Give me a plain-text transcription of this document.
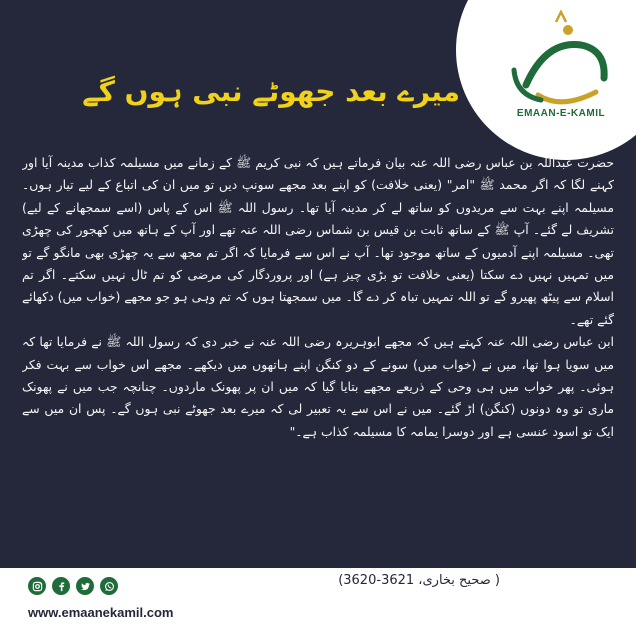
EMAAN-E-KAMIL
میرے بعد جھوٹے نبی ہوں گے

حضرت عبداللہ بن عباس رضی اللہ عنہ بیان فرماتے ہیں کہ نبی کریم ﷺ کے زمانے میں مسیلمہ کذاب مدینہ آیا اور کہنے لگا کہ اگر محمد ﷺ "امر" (یعنی خلافت) کو اپنے بعد مجھے سونپ دیں تو میں ان کی اتباع کے لیے تیار ہوں۔ مسیلمہ اپنے بہت سے مریدوں کو ساتھ لے کر مدینہ آیا تھا۔ رسول اللہ ﷺ اس کے پاس (اسے سمجھانے کے لیے) تشریف لے گئے۔ آپ ﷺ کے ساتھ ثابت بن قیس بن شماس رضی اللہ عنہ تھے اور آپ کے ہاتھ میں کھجور کی چھڑی تھی۔ مسیلمہ اپنے آدمیوں کے ساتھ موجود تھا۔ آپ نے اس سے فرمایا کہ اگر تم مجھ سے یہ چھڑی بھی مانگو گے تو میں تمہیں نہیں دے سکتا (یعنی خلافت تو بڑی چیز ہے) اور پروردگار کی مرضی کو تم ٹال نہیں سکتے۔ اگر تم اسلام سے پیٹھ پھیرو گے تو اللہ تمہیں تباہ کر دے گا۔ میں سمجھتا ہوں کہ تم وہی ہو جو مجھے (خواب میں) دکھائے گئے تھے۔

ابن عباس رضی اللہ عنہ کہتے ہیں کہ مجھے ابوہریرہ رضی اللہ عنہ نے خبر دی کہ رسول اللہ ﷺ نے فرمایا تھا کہ میں سویا ہوا تھا، میں نے (خواب میں) سونے کے دو کنگن اپنے ہاتھوں میں دیکھے۔ مجھے اس خواب سے بہت فکر ہوئی۔ پھر خواب میں ہی وحی کے ذریعے مجھے بتایا گیا کہ میں ان پر پھونک ماردوں۔ چنانچہ جب میں نے پھونک ماری تو وہ دونوں (کنگن) اڑ گئے۔ میں نے اس سے یہ تعبیر لی کہ میرے بعد جھوٹے نبی ہوں گے۔ پس ان میں سے ایک تو اسود عنسی ہے اور دوسرا یمامہ کا مسیلمہ کذاب ہے۔"

( صحیح بخاری، 3621-3620)
www.emaanekamil.com
